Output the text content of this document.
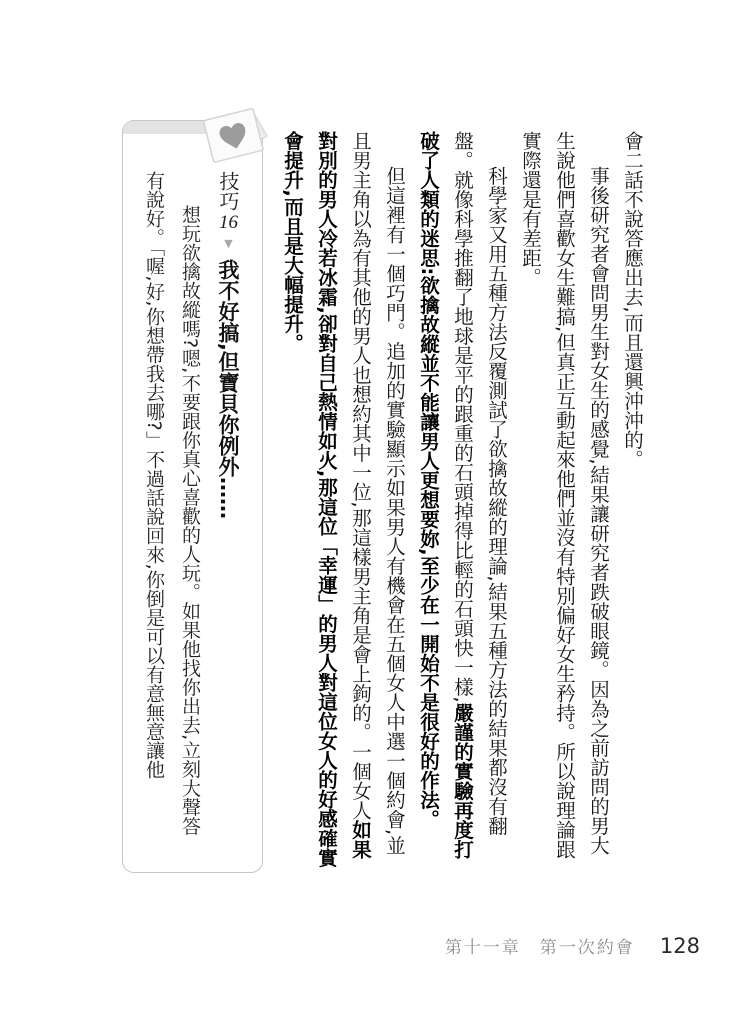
技巧16▼我不好搞,但寶貝你例外……

想玩欲擒故縱嗎?嗯,不要跟你真心喜歡的人玩。如果他找你出去,立刻大聲答有說好。「喔,好,你想帶我去哪?」不過話說回來,你倒是可以有意無意讓他	會二話不說答應出去,而且還興沖沖的。

事後研究者會問男生對女生的感覺,結果讓研究者跌破眼鏡。因為之前訪問的男大生說他們喜歡女生難搞,但真正互動起來他們並沒有特別偏好女生矜持。所以說理論跟實際還是有差距。

科學家又用五種方法反覆測試了欲擒故縱的理論,結果五種方法的結果都沒有翻盤。就像科學推翻了地球是平的跟重的石頭掉得比輕的石頭快一樣,嚴謹的實驗再度打破了人類的迷思:欲擒故縱並不能讓男人更想要妳,至少在一開始不是很好的作法。

但這裡有一個巧門。追加的實驗顯示如果男人有機會在五個女人中選一個約會,並且男主角以為有其他的男人也想約其中一位,那這樣男主角是會上鉤的。一個女人如果對別的男人冷若冰霜,卻對自己熱情如火,那這位「幸運」的男人對這位女人的好感確實會提升,而且是大幅提升。

第十一章　第一次約會 128
